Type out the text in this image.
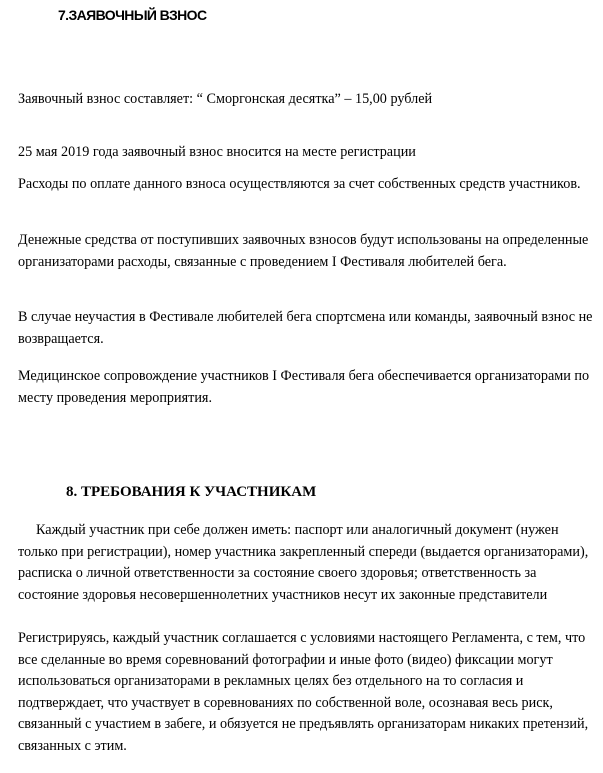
7.ЗАЯВОЧНЫЙ ВЗНОС

Заявочный взнос составляет: “ Сморгонская десятка” – 15,00 рублей

25 мая 2019 года заявочный взнос вносится на месте регистрации

Расходы по оплате данного взноса осуществляются за счет собственных средств участников.

Денежные средства от поступивших заявочных взносов будут использованы на определенные организаторами расходы, связанные с проведением I Фестиваля любителей бега.

В случае неучастия в Фестивале любителей бега спортсмена или команды, заявочный взнос не возвращается.

Медицинское сопровождение участников I Фестиваля бега обеспечивается организаторами по месту проведения мероприятия.

8. ТРЕБОВАНИЯ К УЧАСТНИКАМ

Каждый участник при себе должен иметь: паспорт или аналогичный документ (нужен только при регистрации), номер участника закрепленный спереди (выдается организаторами), расписка о личной ответственности за состояние своего здоровья; ответственность за состояние здоровья несовершеннолетних участников несут их законные представители

Регистрируясь, каждый участник соглашается с условиями настоящего Регламента, с тем, что все сделанные во время соревнований фотографии и иные фото (видео) фиксации могут использоваться организаторами в рекламных целях без отдельного на то согласия и подтверждает, что участвует в соревнованиях по собственной воле, осознавая весь риск, связанный с участием в забеге, и обязуется не предъявлять организаторам никаких претензий, связанных с этим.
